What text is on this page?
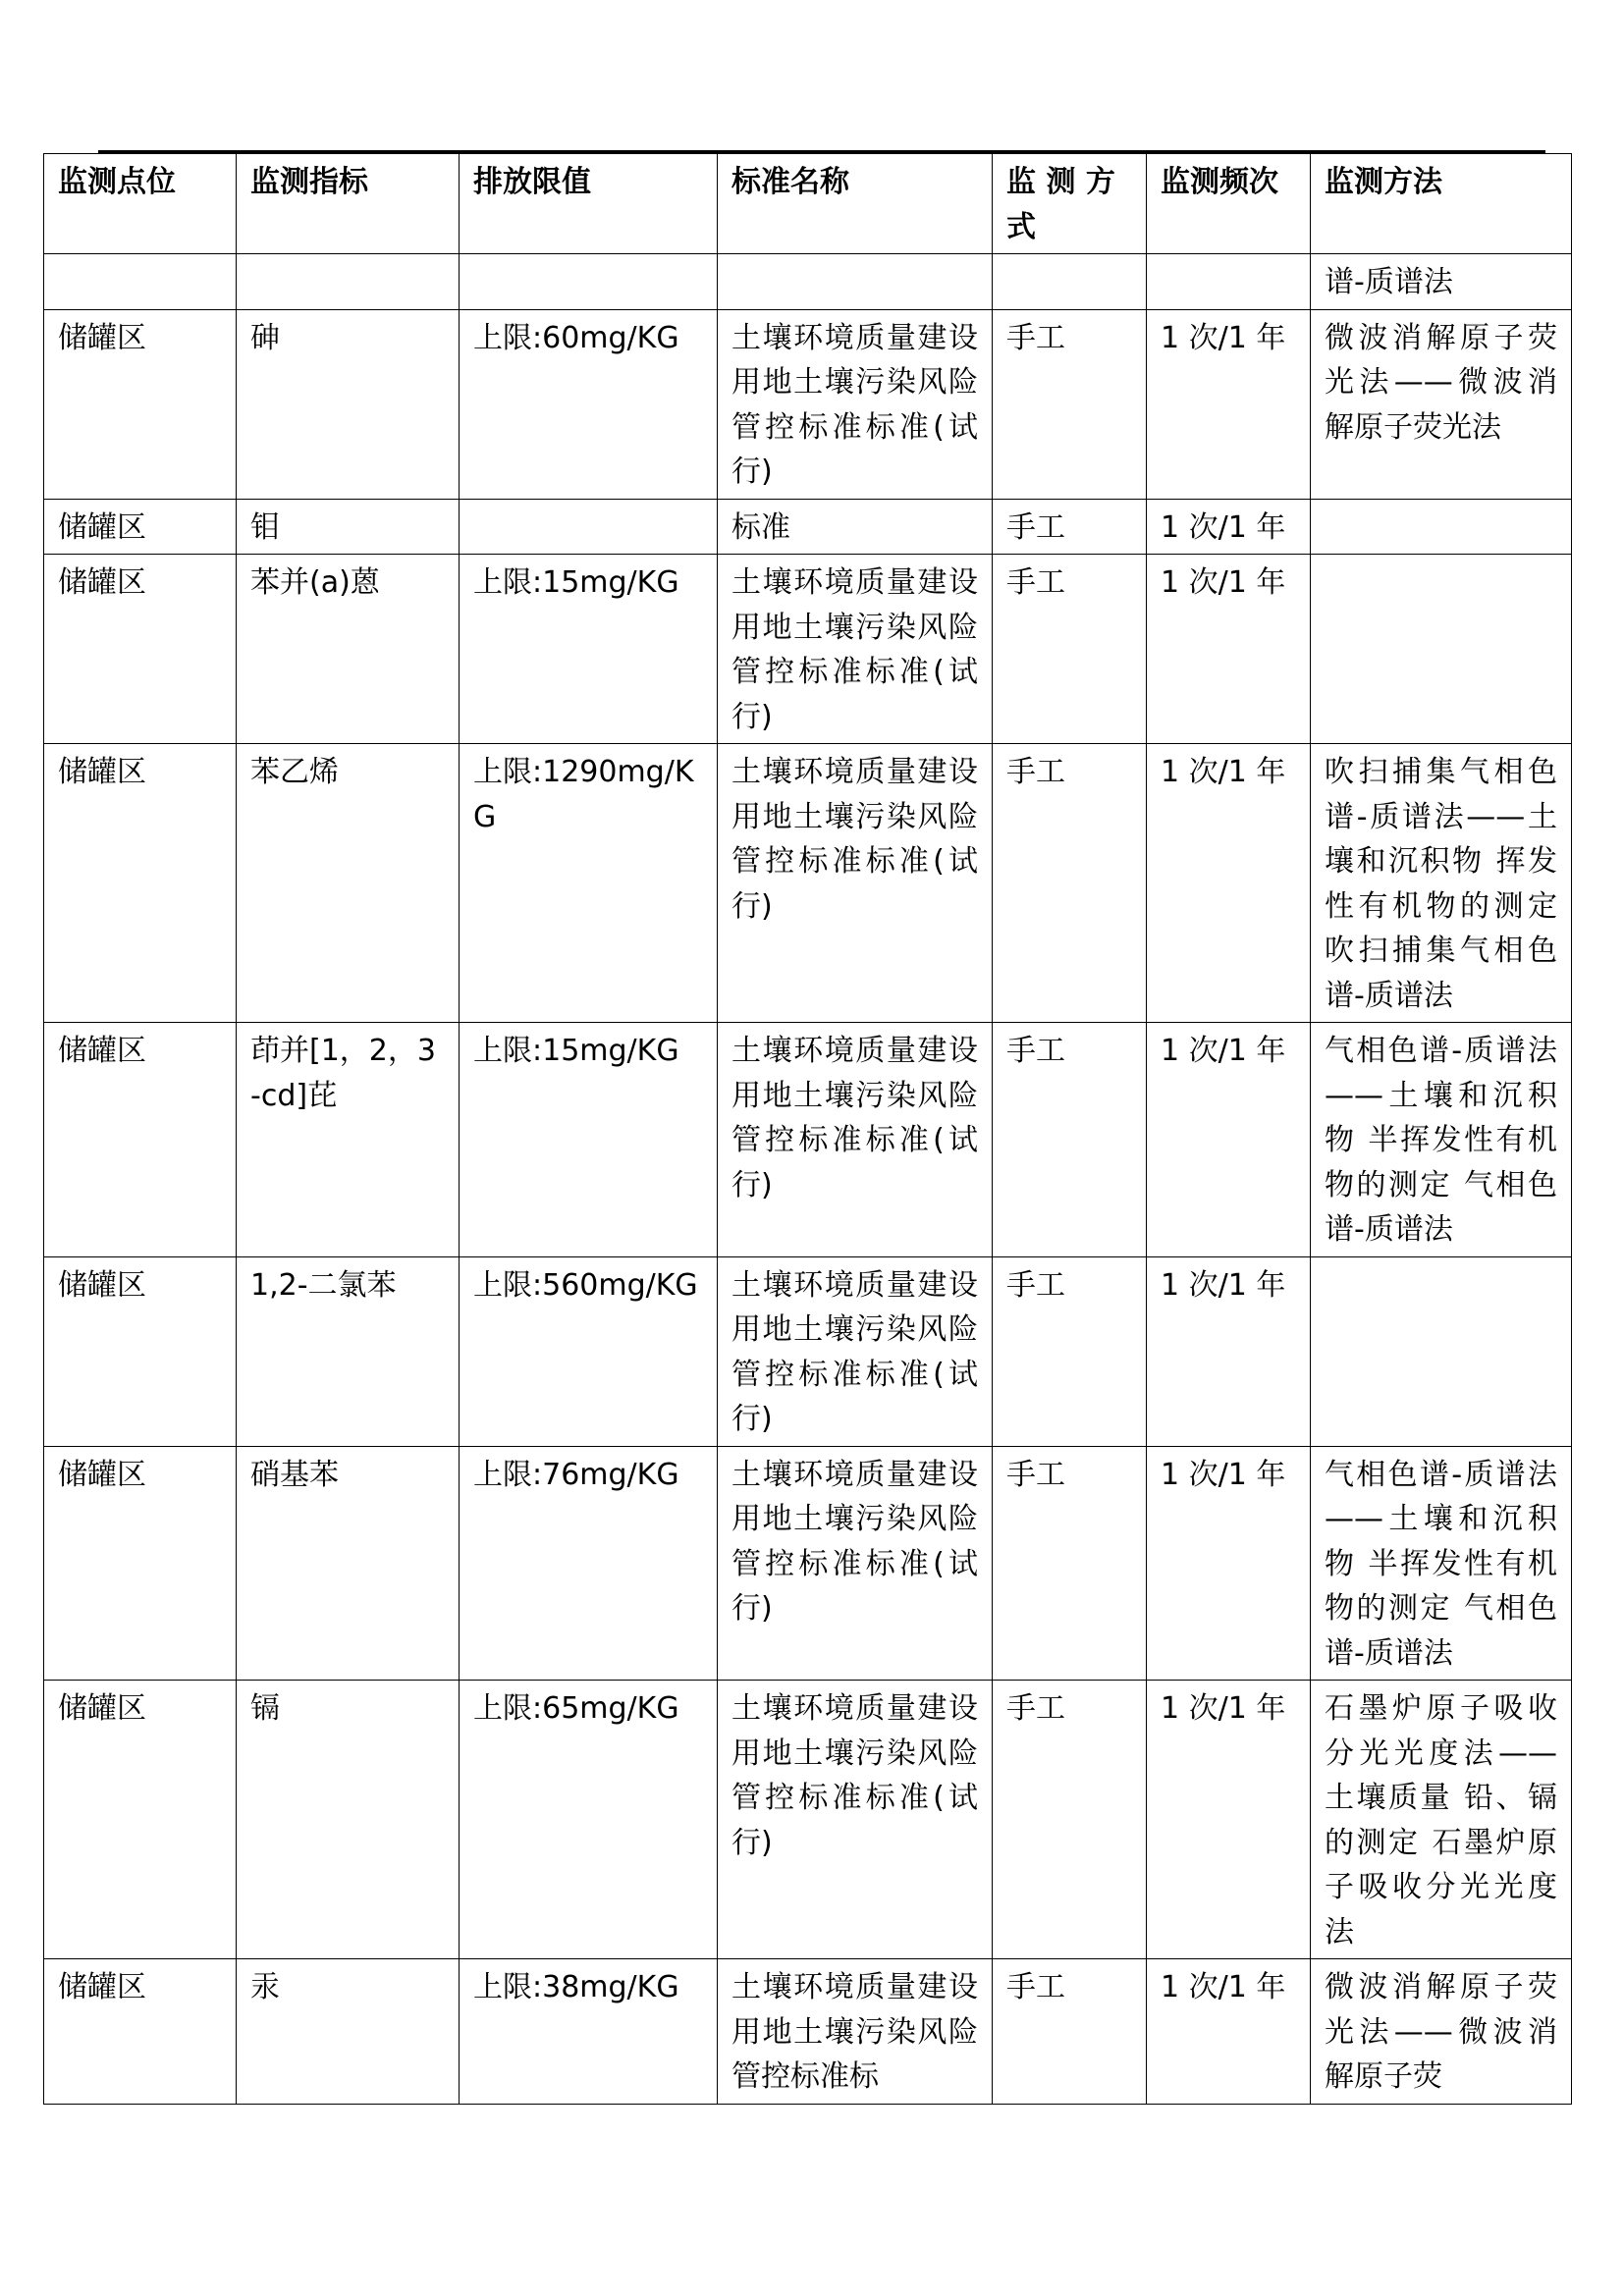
监测点位	监测指标	排放限值	标准名称	监 测 方式	监测频次	监测方法
						谱-质谱法
储罐区	砷	上限:60mg/KG	土壤环境质量建设用地土壤污染风险管控标准标准(试行)	手工	1 次/1 年	微波消解原子荧光法——微波消解原子荧光法
储罐区	钼		标准	手工	1 次/1 年	
储罐区	苯并(a)蒽	上限:15mg/KG	土壤环境质量建设用地土壤污染风险管控标准标准(试行)	手工	1 次/1 年	
储罐区	苯乙烯	上限:1290mg/KG	土壤环境质量建设用地土壤污染风险管控标准标准(试行)	手工	1 次/1 年	吹扫捕集气相色谱-质谱法——土壤和沉积物 挥发性有机物的测定 吹扫捕集气相色谱-质谱法
储罐区	茚并[1，2，3-cd]芘	上限:15mg/KG	土壤环境质量建设用地土壤污染风险管控标准标准(试行)	手工	1 次/1 年	气相色谱-质谱法——土壤和沉积物 半挥发性有机物的测定 气相色谱-质谱法
储罐区	1,2-二氯苯	上限:560mg/KG	土壤环境质量建设用地土壤污染风险管控标准标准(试行)	手工	1 次/1 年	
储罐区	硝基苯	上限:76mg/KG	土壤环境质量建设用地土壤污染风险管控标准标准(试行)	手工	1 次/1 年	气相色谱-质谱法——土壤和沉积物 半挥发性有机物的测定 气相色谱-质谱法
储罐区	镉	上限:65mg/KG	土壤环境质量建设用地土壤污染风险管控标准标准(试行)	手工	1 次/1 年	石墨炉原子吸收分光光度法——土壤质量 铅、镉的测定 石墨炉原子吸收分光光度法
储罐区	汞	上限:38mg/KG	土壤环境质量建设用地土壤污染风险管控标准标	手工	1 次/1 年	微波消解原子荧光法——微波消解原子荧
